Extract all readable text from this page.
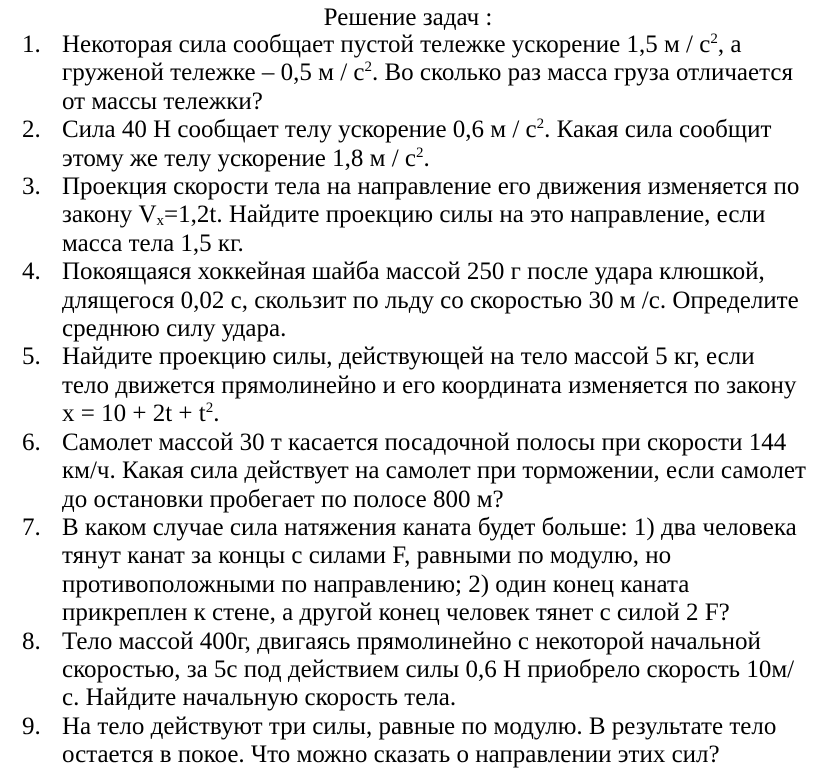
Решение задач :
1. Некоторая сила сообщает пустой тележке ускорение 1,5 м / $с^2$, а груженой тележке – 0,5 м / $с^2$. Во сколько раз масса груза отличается от массы тележки?
2. Сила 40 Н сообщает телу ускорение 0,6 м / $с^2$. Какая сила сообщит этому же телу ускорение 1,8 м / $с^2$.
3. Проекция скорости тела на направление его движения изменяется по закону $V_x=1,2t$. Найдите проекцию силы на это направление, если масса тела 1,5 кг.
4. Покоящаяся хоккейная шайба массой 250 г после удара клюшкой, длящегося 0,02 с, скользит по льду со скоростью 30 м /с. Определите среднюю силу удара.
5. Найдите проекцию силы, действующей на тело массой 5 кг, если тело движется прямолинейно и его координата изменяется по закону $x = 10 + 2t + t^2$.
6. Самолет массой 30 т касается посадочной полосы при скорости 144 км/ч. Какая сила действует на самолет при торможении, если самолет до остановки пробегает по полосе 800 м?
7. В каком случае сила натяжения каната будет больше: 1) два человека тянут канат за концы с силами F, равными по модулю, но противоположными по направлению; 2) один конец каната прикреплен к стене, а другой конец человек тянет с силой 2 F?
8. Тело массой 400г, двигаясь прямолинейно с некоторой начальной скоростью, за 5с под действием силы 0,6 Н приобрело скорость 10м/с. Найдите начальную скорость тела.
9. На тело действуют три силы, равные по модулю. В результате тело остается в покое. Что можно сказать о направлении этих сил?
